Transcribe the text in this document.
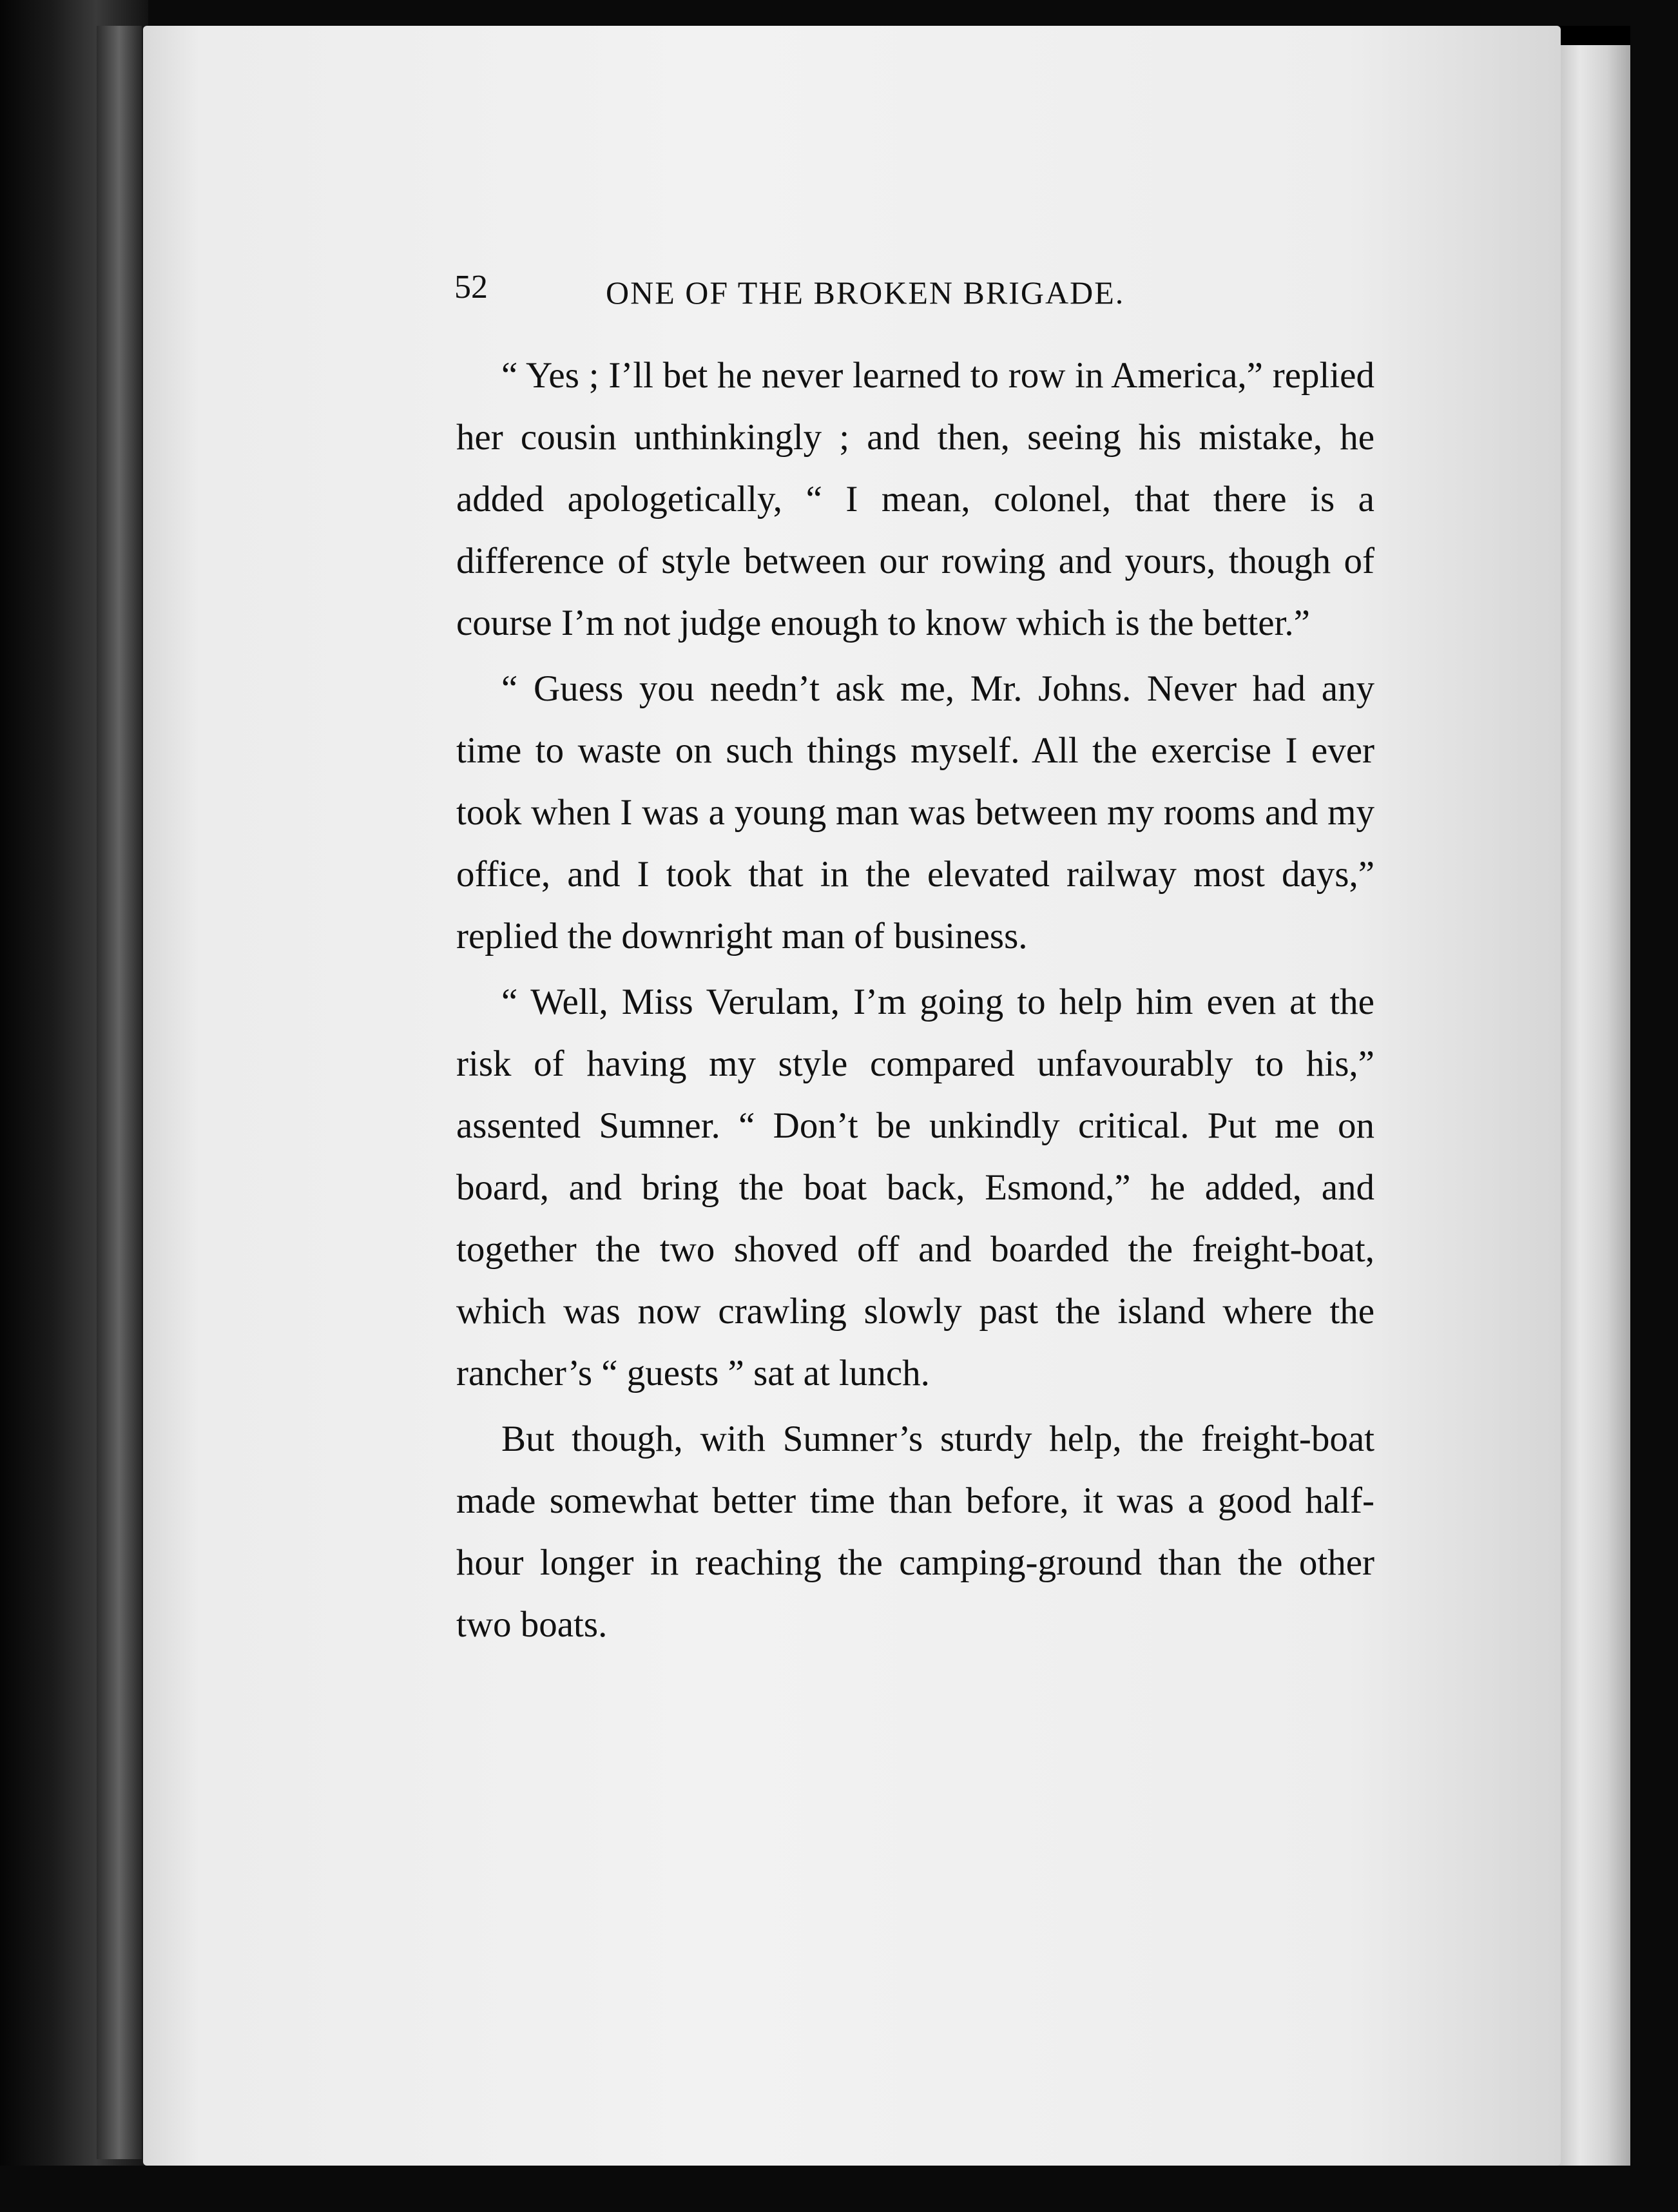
52	ONE OF THE BROKEN BRIGADE.

“ Yes ; I’ll bet he never learned to row in America,” replied her cousin unthinkingly ; and then, seeing his mistake, he added apologetically, “ I mean, colonel, that there is a difference of style between our rowing and yours, though of course I’m not judge enough to know which is the better.”

“ Guess you needn’t ask me, Mr. Johns. Never had any time to waste on such things myself. All the exercise I ever took when I was a young man was between my rooms and my office, and I took that in the elevated railway most days,” replied the downright man of business.

“ Well, Miss Verulam, I’m going to help him even at the risk of having my style compared unfavourably to his,” assented Sumner. “ Don’t be unkindly critical. Put me on board, and bring the boat back, Esmond,” he added, and together the two shoved off and boarded the freight-boat, which was now crawling slowly past the island where the rancher’s “ guests ” sat at lunch.

But though, with Sumner’s sturdy help, the freight-boat made somewhat better time than before, it was a good half-hour longer in reaching the camping-ground than the other two boats.
